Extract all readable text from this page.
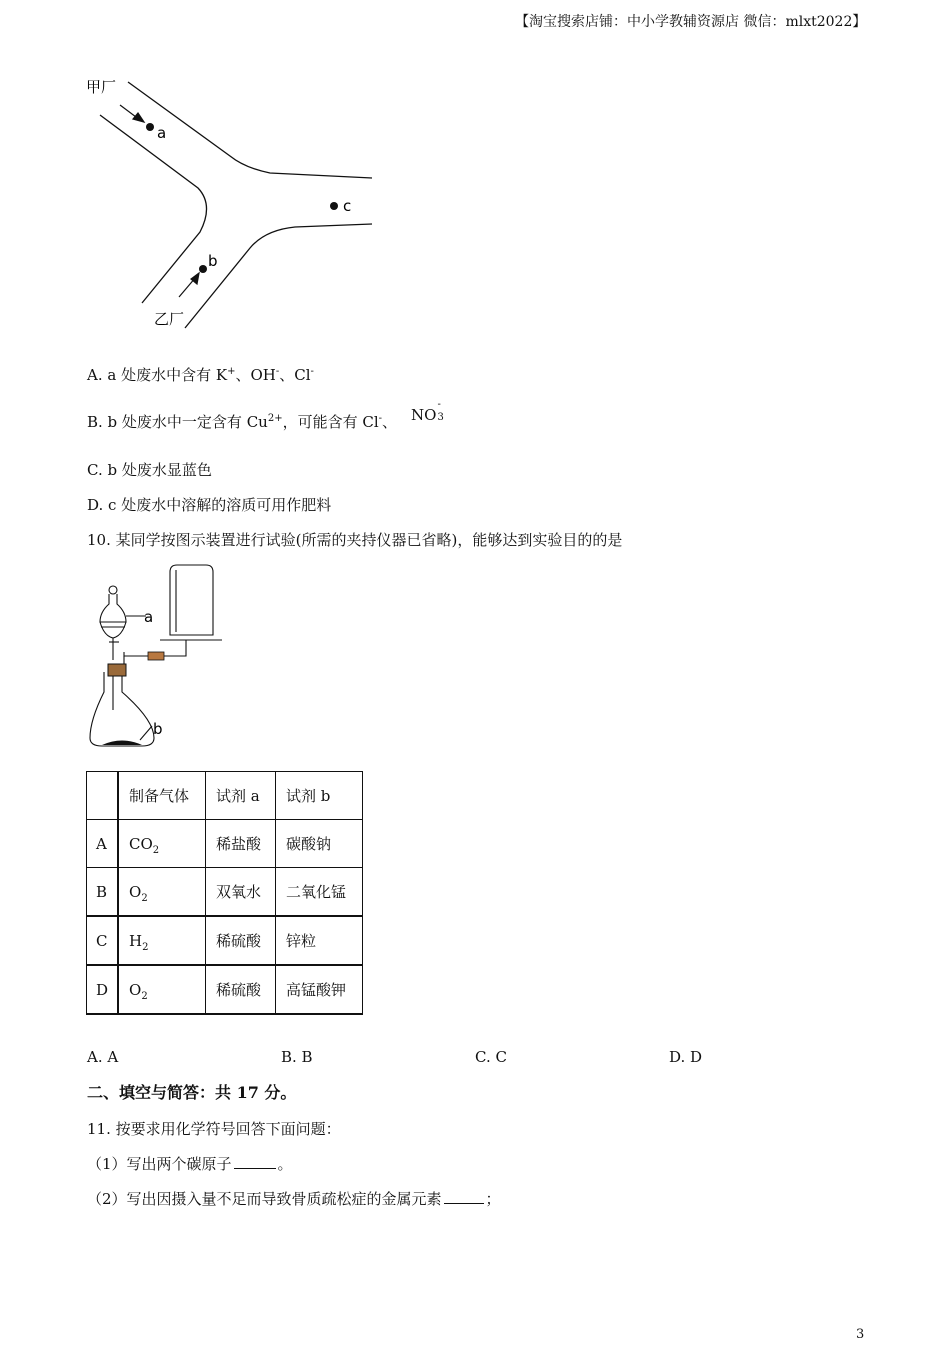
【淘宝搜索店铺：中小学教辅资源店 微信：mlxt2022】
甲厂
a
b
c
乙厂
A. a 处废水中含有 K+、OH-、Cl-
B. b 处废水中一定含有 $Cu^{2+}$，可能含有 Cl-、 NO
-
3
C. b 处废水显蓝色
D. c 处废水中溶解的溶质可用作肥料
10. 某同学按图示装置进行试验(所需的夹持仪器已省略)，能够达到实验目的的是
a
b
	制备气体	试剂 a	试剂 b
A	$CO_2$	稀盐酸	碳酸钠
B	$O_2$	双氧水	二氧化锰
C	$H_2$	稀硫酸	锌粒
D	$O_2$	稀硫酸	高锰酸钾
A. A	B. B	C. C	D. D
二、填空与简答：共 17 分。
11. 按要求用化学符号回答下面问题：
（1）写出两个碳原子	。
（2）写出因摄入量不足而导致骨质疏松症的金属元素	；
3
